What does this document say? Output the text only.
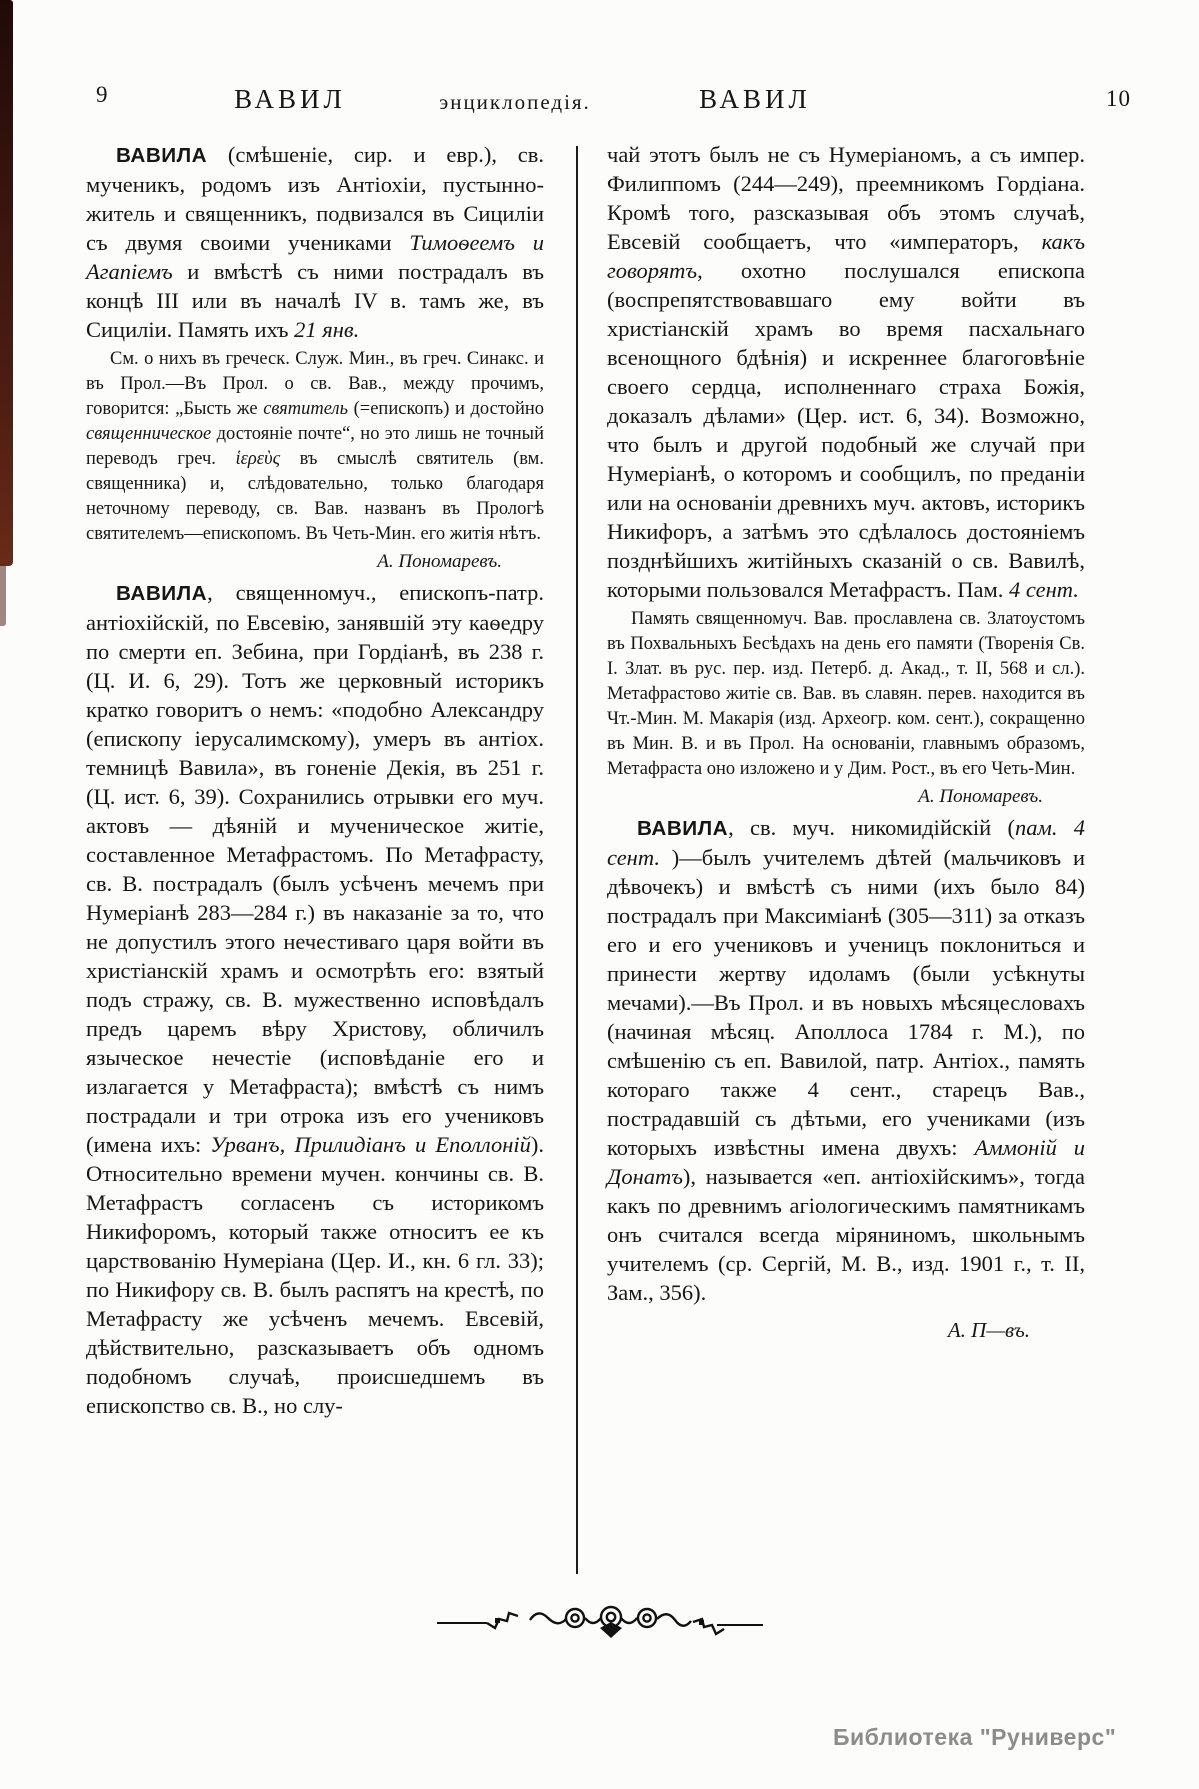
9	ВАВИЛ	энциклопедія.	ВАВИЛ	10

ВАВИЛА (смѣшеніе, сир. и евр.), св. мученикъ, родомъ изъ Антіохіи, пустынно-житель и священникъ, подвизался въ Сициліи съ двумя своими учениками Тимоѳеемъ и Агапіемъ и вмѣстѣ съ ними пострадалъ въ концѣ III или въ началѣ IV в. тамъ же, въ Сициліи. Память ихъ 21 янв.

См. о нихъ въ греческ. Служ. Мин., въ греч. Синакс. и въ Прол.—Въ Прол. о св. Вав., между прочимъ, говорится: „Бысть же святитель (=епископъ) и достойно священническое достояніе почте“, но это лишь не точный переводъ греч. ἱερεὺς въ смыслѣ святитель (вм. священника) и, слѣдовательно, только благодаря неточному переводу, св. Вав. названъ въ Прологѣ святителемъ—епископомъ. Въ Четь-Мин. его житія нѣтъ.

А. Пономаревъ.

ВАВИЛА, священномуч., епископъ-патр. антіохійскій, по Евсевію, занявшій эту каѳедру по смерти еп. Зебина, при Гордіанѣ, въ 238 г. (Ц. И. 6, 29). Тотъ же церковный историкъ кратко говоритъ о немъ: «подобно Александру (епископу іерусалимскому), умеръ въ антіох. темницѣ Вавила», въ гоненіе Декія, въ 251 г. (Ц. ист. 6, 39). Сохранились отрывки его муч. актовъ — дѣяній и мученическое житіе, составленное Метафрастомъ. По Метафрасту, св. В. пострадалъ (былъ усѣченъ мечемъ при Нумеріанѣ 283—284 г.) въ наказаніе за то, что не допустилъ этого нечестиваго царя войти въ христіанскій храмъ и осмотрѣть его: взятый подъ стражу, св. В. мужественно исповѣдалъ предъ царемъ вѣру Христову, обличилъ языческое нечестіе (исповѣданіе его и излагается у Метафраста); вмѣстѣ съ нимъ пострадали и три отрока изъ его учениковъ (имена ихъ: Урванъ, Прилидіанъ и Еполлоній). Относительно времени мучен. кончины св. В. Метафрастъ согласенъ съ историкомъ Никифоромъ, который также относитъ ее къ царствованію Нумеріана (Цер. И., кн. 6 гл. 33); по Никифору св. В. былъ распятъ на крестѣ, по Метафрасту же усѣченъ мечемъ. Евсевій, дѣйствительно, разсказываетъ объ одномъ подобномъ случаѣ, происшедшемъ въ епископство св. В., но слу-

чай этотъ былъ не съ Нумеріаномъ, а съ импер. Филиппомъ (244—249), преемникомъ Гордіана. Кромѣ того, разсказывая объ этомъ случаѣ, Евсевій сообщаетъ, что «императоръ, какъ говорятъ, охотно послушался епископа (воспрепятствовавшаго ему войти въ христіанскій храмъ во время пасхальнаго всенощного бдѣнія) и искреннее благоговѣніе своего сердца, исполненнаго страха Божія, доказалъ дѣлами» (Цер. ист. 6, 34). Возможно, что былъ и другой подобный же случай при Нумеріанѣ, о которомъ и сообщилъ, по преданіи или на основаніи древнихъ муч. актовъ, историкъ Никифоръ, а затѣмъ это сдѣлалось достояніемъ позднѣйшихъ житійныхъ сказаній о св. Вавилѣ, которыми пользовался Метафрастъ. Пам. 4 сент.

Память священномуч. Вав. прославлена св. Златоустомъ въ Похвальныхъ Бесѣдахъ на день его памяти (Творенія Св. І. Злат. въ рус. пер. изд. Петерб. д. Акад., т. II, 568 и сл.). Метафрастово житіе св. Вав. въ славян. перев. находится въ Чт.-Мин. М. Макарія (изд. Археогр. ком. сент.), сокращенно въ Мин. В. и въ Прол. На основаніи, главнымъ образомъ, Метафраста оно изложено и у Дим. Рост., въ его Четь-Мин.

А. Пономаревъ.

ВАВИЛА, св. муч. никомидійскій (пам. 4 сент. )—былъ учителемъ дѣтей (мальчиковъ и дѣвочекъ) и вмѣстѣ съ ними (ихъ было 84) пострадалъ при Максиміанѣ (305—311) за отказъ его и его учениковъ и ученицъ поклониться и принести жертву идоламъ (были усѣкнуты мечами).—Въ Прол. и въ новыхъ мѣсяцесловахъ (начиная мѣсяц. Аполлоса 1784 г. М.), по смѣшенію съ еп. Вавилой, патр. Антіох., память котораго также 4 сент., старецъ Вав., пострадавшій съ дѣтьми, его учениками (изъ которыхъ извѣстны имена двухъ: Аммоній и Донатъ), называется «еп. антіохійскимъ», тогда какъ по древнимъ агіологическимъ памятникамъ онъ считался всегда міряниномъ, школьнымъ учителемъ (ср. Сергій, М. В., изд. 1901 г., т. II, Зам., 356).

А. П—въ.

Библиотека "Руниверс"
